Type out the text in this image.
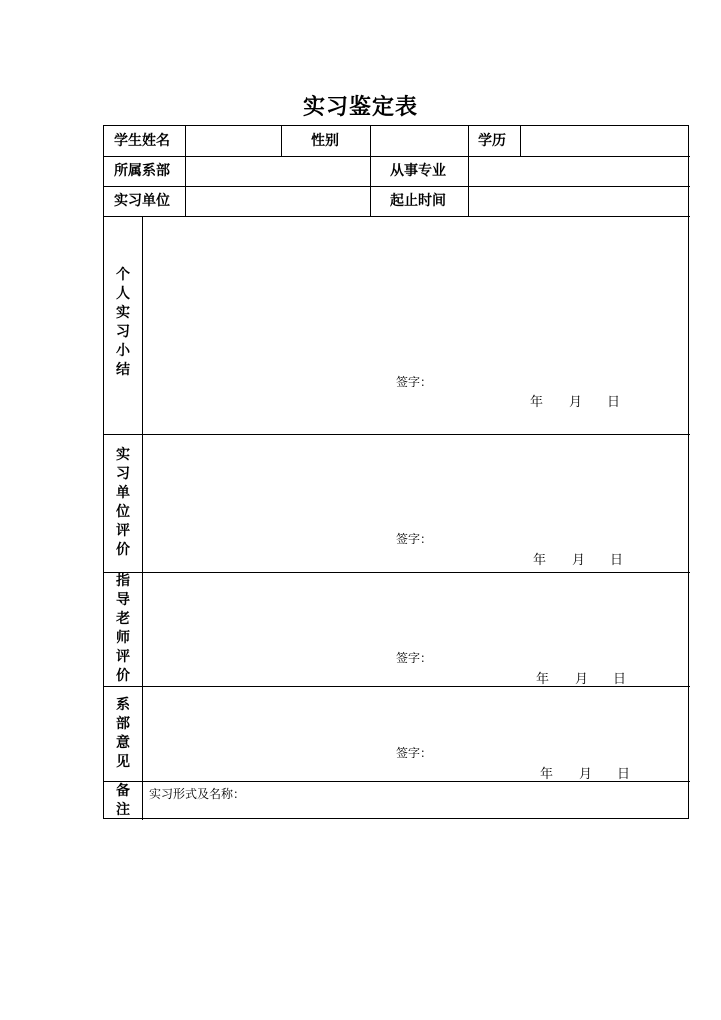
实习鉴定表
学生姓名	性别	学历
所属系部	从事专业
实习单位	起止时间
个
人
实
习
小
结
签字：
年	月	日
实
习
单
位
评
价
签字：
年	月	日
指
导
老
师
评
价
签字：
年	月	日
系
部
意
见
签字：
年	月	日
备
注
实习形式及名称：
